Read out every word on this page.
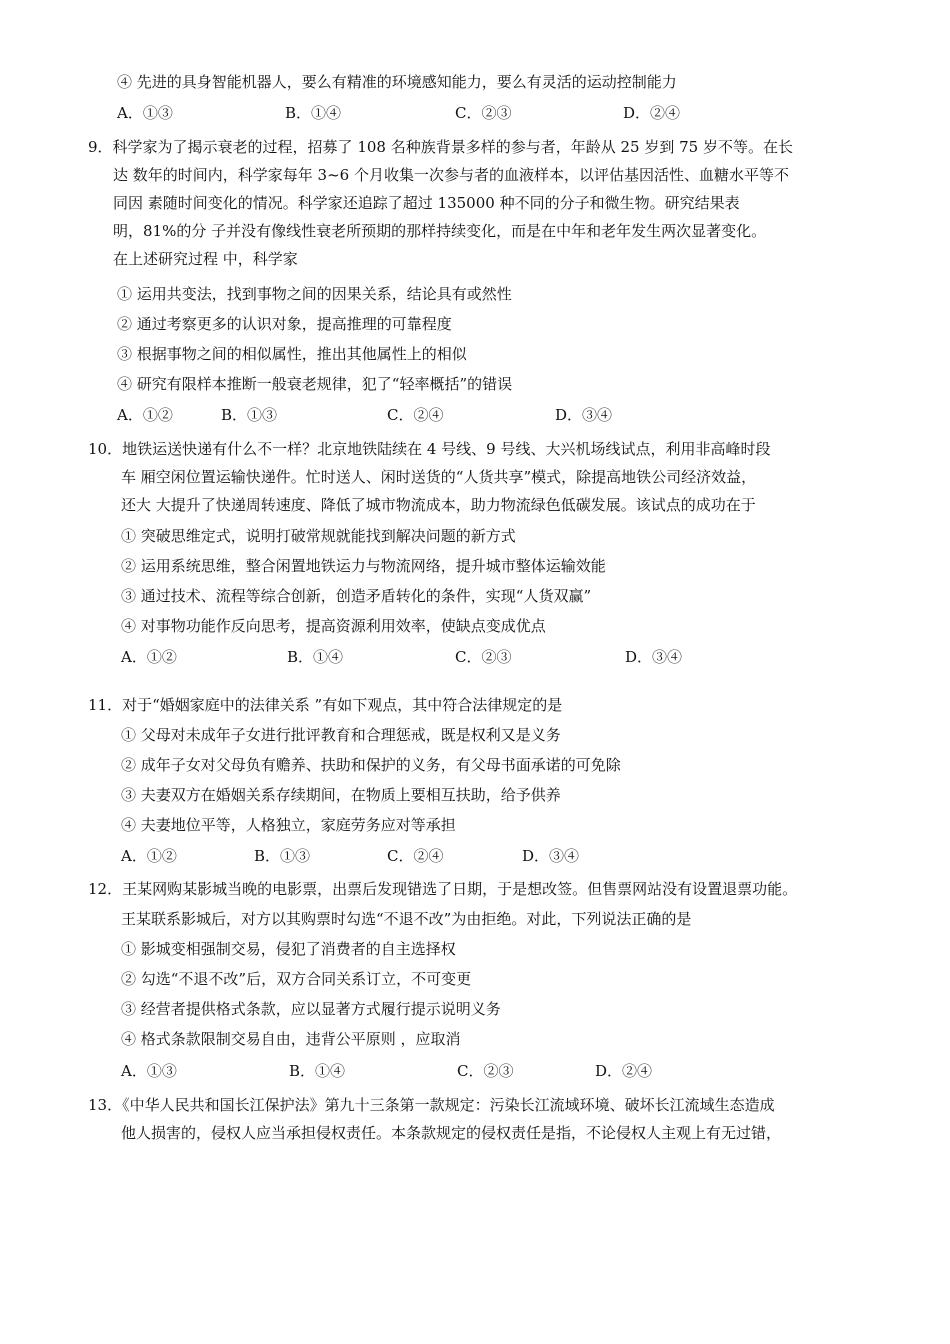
④ 先进的具身智能机器人，要么有精准的环境感知能力，要么有灵活的运动控制能力
A．①③	B．①④	C．②③	D．②④
9．科学家为了揭示衰老的过程，招募了 108 名种族背景多样的参与者，年龄从 25 岁到 75 岁不等。在长
达 数年的时间内，科学家每年 3~6 个月收集一次参与者的血液样本，以评估基因活性、血糖水平等不
同因 素随时间变化的情况。科学家还追踪了超过 135000 种不同的分子和微生物。研究结果表
明，81%的分 子并没有像线性衰老所预期的那样持续变化，而是在中年和老年发生两次显著变化。
在上述研究过程 中，科学家
① 运用共变法，找到事物之间的因果关系，结论具有或然性
② 通过考察更多的认识对象，提高推理的可靠程度
③ 根据事物之间的相似属性，推出其他属性上的相似
④ 研究有限样本推断一般衰老规律，犯了“轻率概括”的错误
A．①②	B．①③	C．②④	D．③④
10．地铁运送快递有什么不一样？北京地铁陆续在 4 号线、9 号线、大兴机场线试点，利用非高峰时段
车 厢空闲位置运输快递件。忙时送人、闲时送货的“人货共享”模式，除提高地铁公司经济效益，
还大 大提升了快递周转速度、降低了城市物流成本，助力物流绿色低碳发展。该试点的成功在于
① 突破思维定式，说明打破常规就能找到解决问题的新方式
② 运用系统思维，整合闲置地铁运力与物流网络，提升城市整体运输效能
③ 通过技术、流程等综合创新，创造矛盾转化的条件，实现“人货双赢”
④ 对事物功能作反向思考，提高资源利用效率，使缺点变成优点
A．①②	B．①④	C．②③	D．③④
11．对于“婚姻家庭中的法律关系 ”有如下观点，其中符合法律规定的是
① 父母对未成年子女进行批评教育和合理惩戒，既是权利又是义务
② 成年子女对父母负有赡养、扶助和保护的义务，有父母书面承诺的可免除
③ 夫妻双方在婚姻关系存续期间，在物质上要相互扶助，给予供养
④ 夫妻地位平等，人格独立，家庭劳务应对等承担
A．①②	B．①③	C．②④	D．③④
12．王某网购某影城当晚的电影票，出票后发现错选了日期，于是想改签。但售票网站没有设置退票功能。
王某联系影城后，对方以其购票时勾选“不退不改”为由拒绝。对此，下列说法正确的是
① 影城变相强制交易，侵犯了消费者的自主选择权
② 勾选“不退不改”后，双方合同关系订立，不可变更
③ 经营者提供格式条款，应以显著方式履行提示说明义务
④ 格式条款限制交易自由，违背公平原则 ，应取消
A．①③	B．①④	C．②③	D．②④
13．《中华人民共和国长江保护法》第九十三条第一款规定：污染长江流域环境、破坏长江流域生态造成
他人损害的，侵权人应当承担侵权责任。本条款规定的侵权责任是指，不论侵权人主观上有无过错，
